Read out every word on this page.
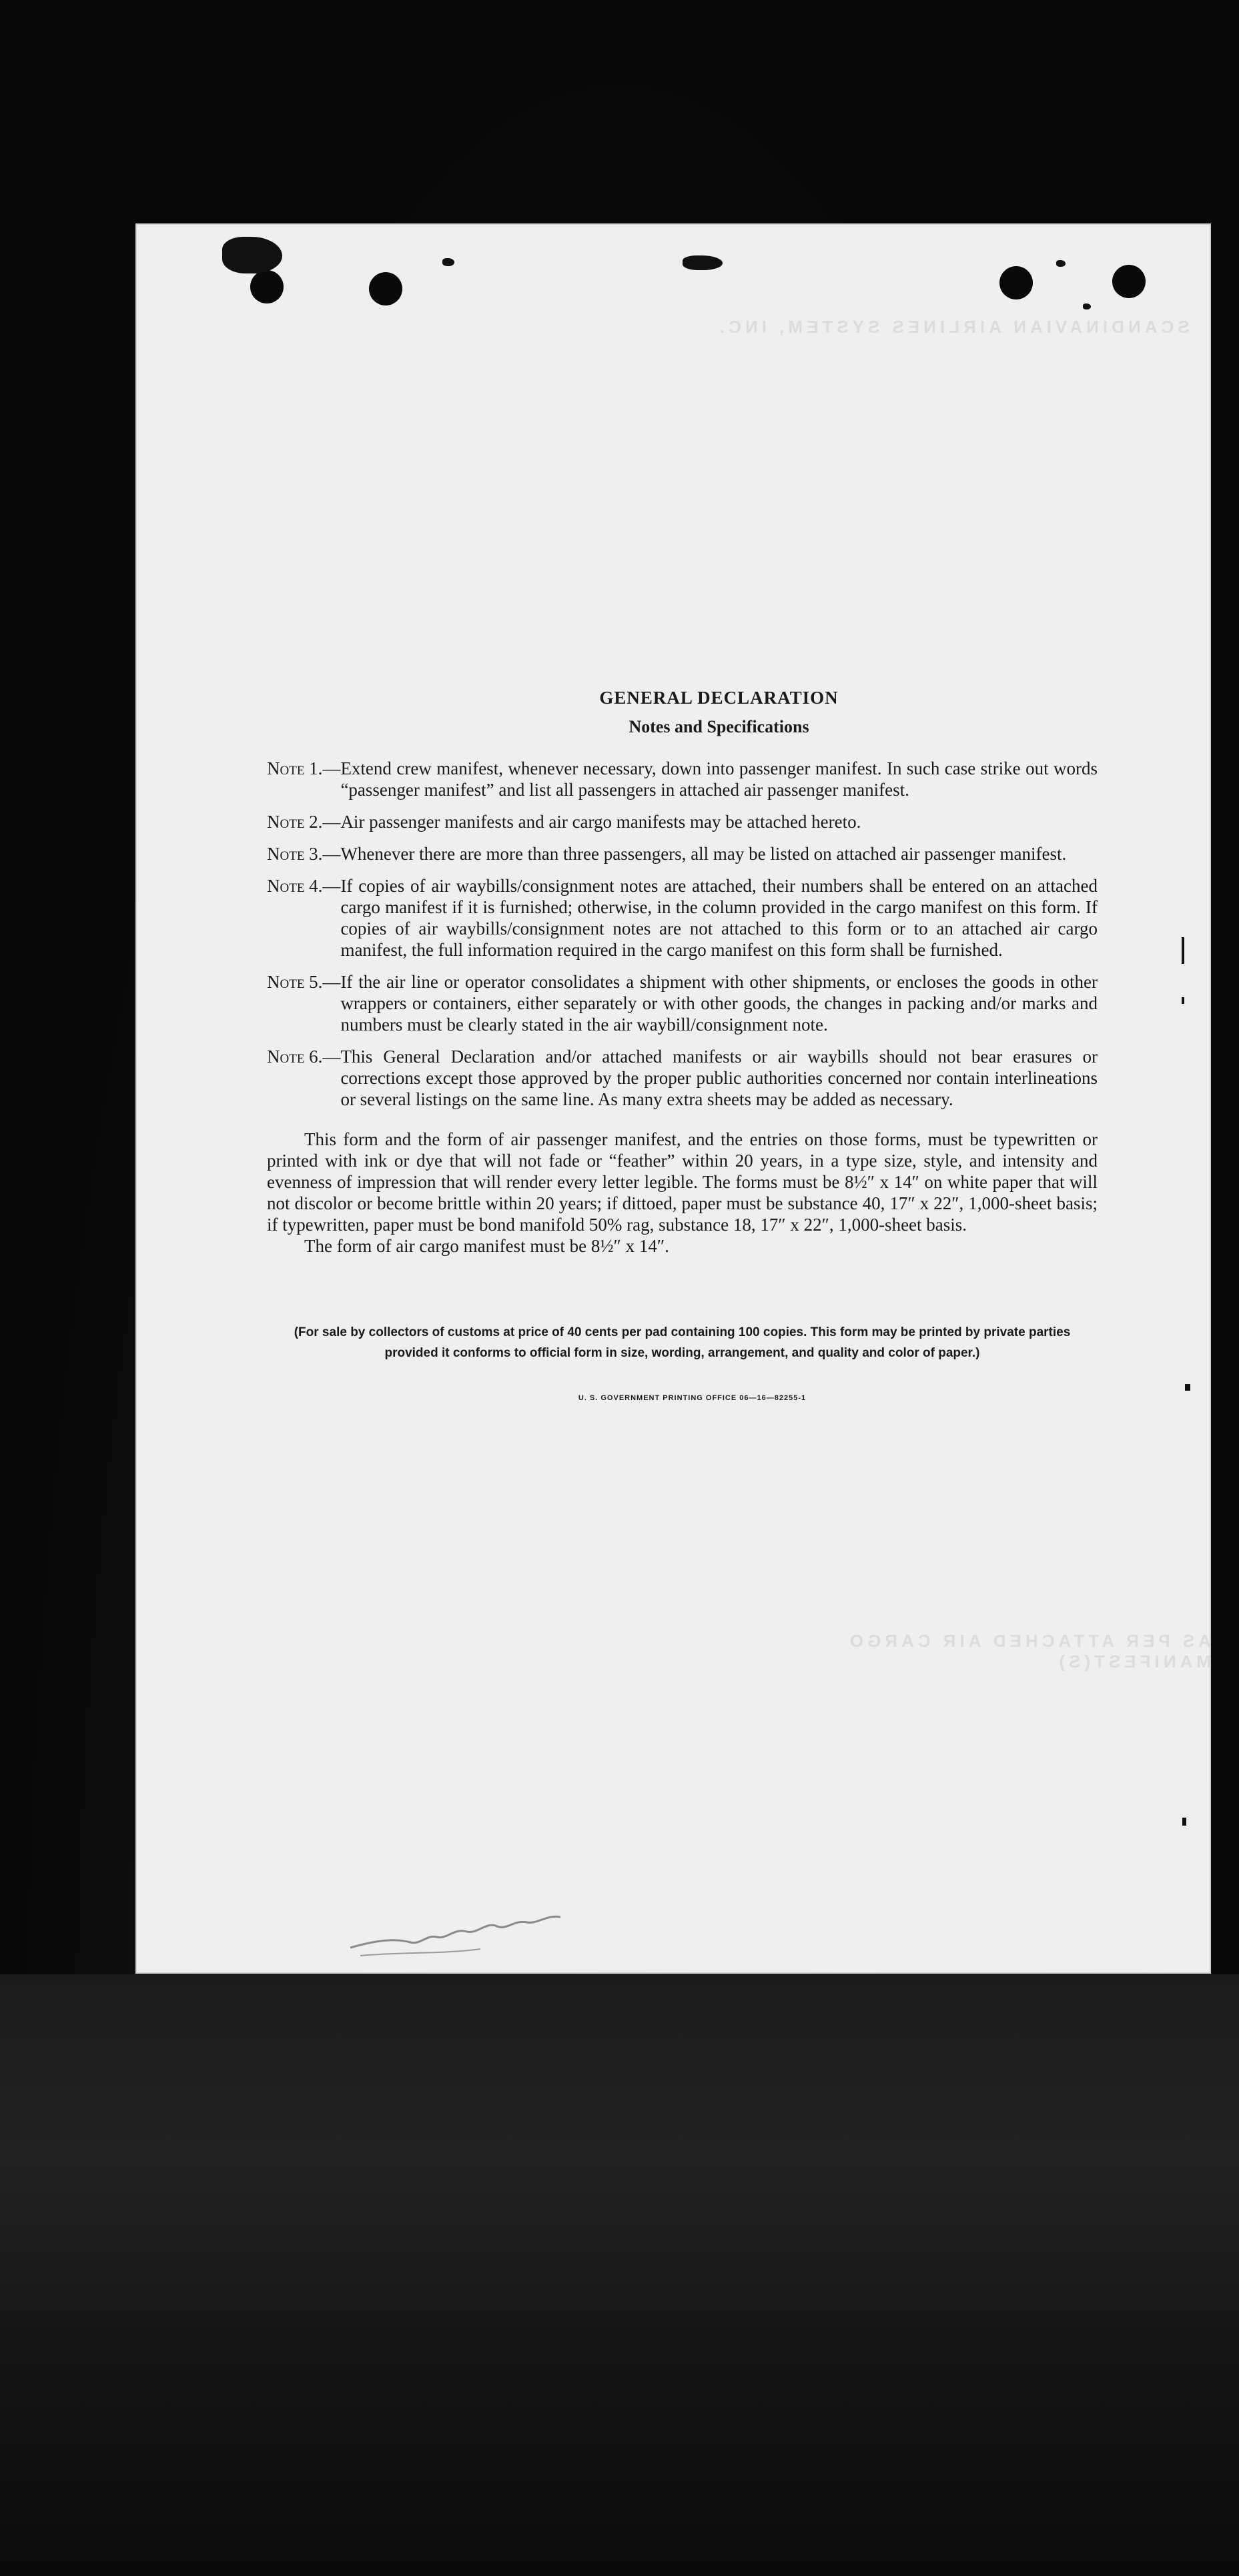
SCANDINAVIAN AIRLINES SYSTEM, INC.
AS PER ATTACHED AIR CARGO MANIFEST(S)
GENERAL DECLARATION
Notes and Specifications
Note 1.— Extend crew manifest, whenever necessary, down into passenger manifest. In such case strike out words “passenger manifest” and list all passengers in attached air passenger manifest.
Note 2.— Air passenger manifests and air cargo manifests may be attached hereto.
Note 3.— Whenever there are more than three passengers, all may be listed on attached air passenger manifest.
Note 4.— If copies of air waybills/consignment notes are attached, their numbers shall be entered on an attached cargo manifest if it is furnished; otherwise, in the column provided in the cargo manifest on this form. If copies of air waybills/consignment notes are not attached to this form or to an attached air cargo manifest, the full information required in the cargo manifest on this form shall be furnished.
Note 5.— If the air line or operator consolidates a shipment with other shipments, or encloses the goods in other wrappers or containers, either separately or with other goods, the changes in packing and/or marks and numbers must be clearly stated in the air waybill/consignment note.
Note 6.— This General Declaration and/or attached manifests or air waybills should not bear erasures or corrections except those approved by the proper public authorities concerned nor contain interlineations or several listings on the same line. As many extra sheets may be added as necessary.
This form and the form of air passenger manifest, and the entries on those forms, must be typewritten or printed with ink or dye that will not fade or “feather” within 20 years, in a type size, style, and intensity and evenness of impression that will render every letter legible. The forms must be 8½″ x 14″ on white paper that will not discolor or become brittle within 20 years; if dittoed, paper must be substance 40, 17″ x 22″, 1,000-sheet basis; if typewritten, paper must be bond manifold 50% rag, substance 18, 17″ x 22″, 1,000-sheet basis.
The form of air cargo manifest must be 8½″ x 14″.
(For sale by collectors of customs at price of 40 cents per pad containing 100 copies. This form may be printed by private parties provided it conforms to official form in size, wording, arrangement, and quality and color of paper.)
U. S. GOVERNMENT PRINTING OFFICE 06—16—82255-1
